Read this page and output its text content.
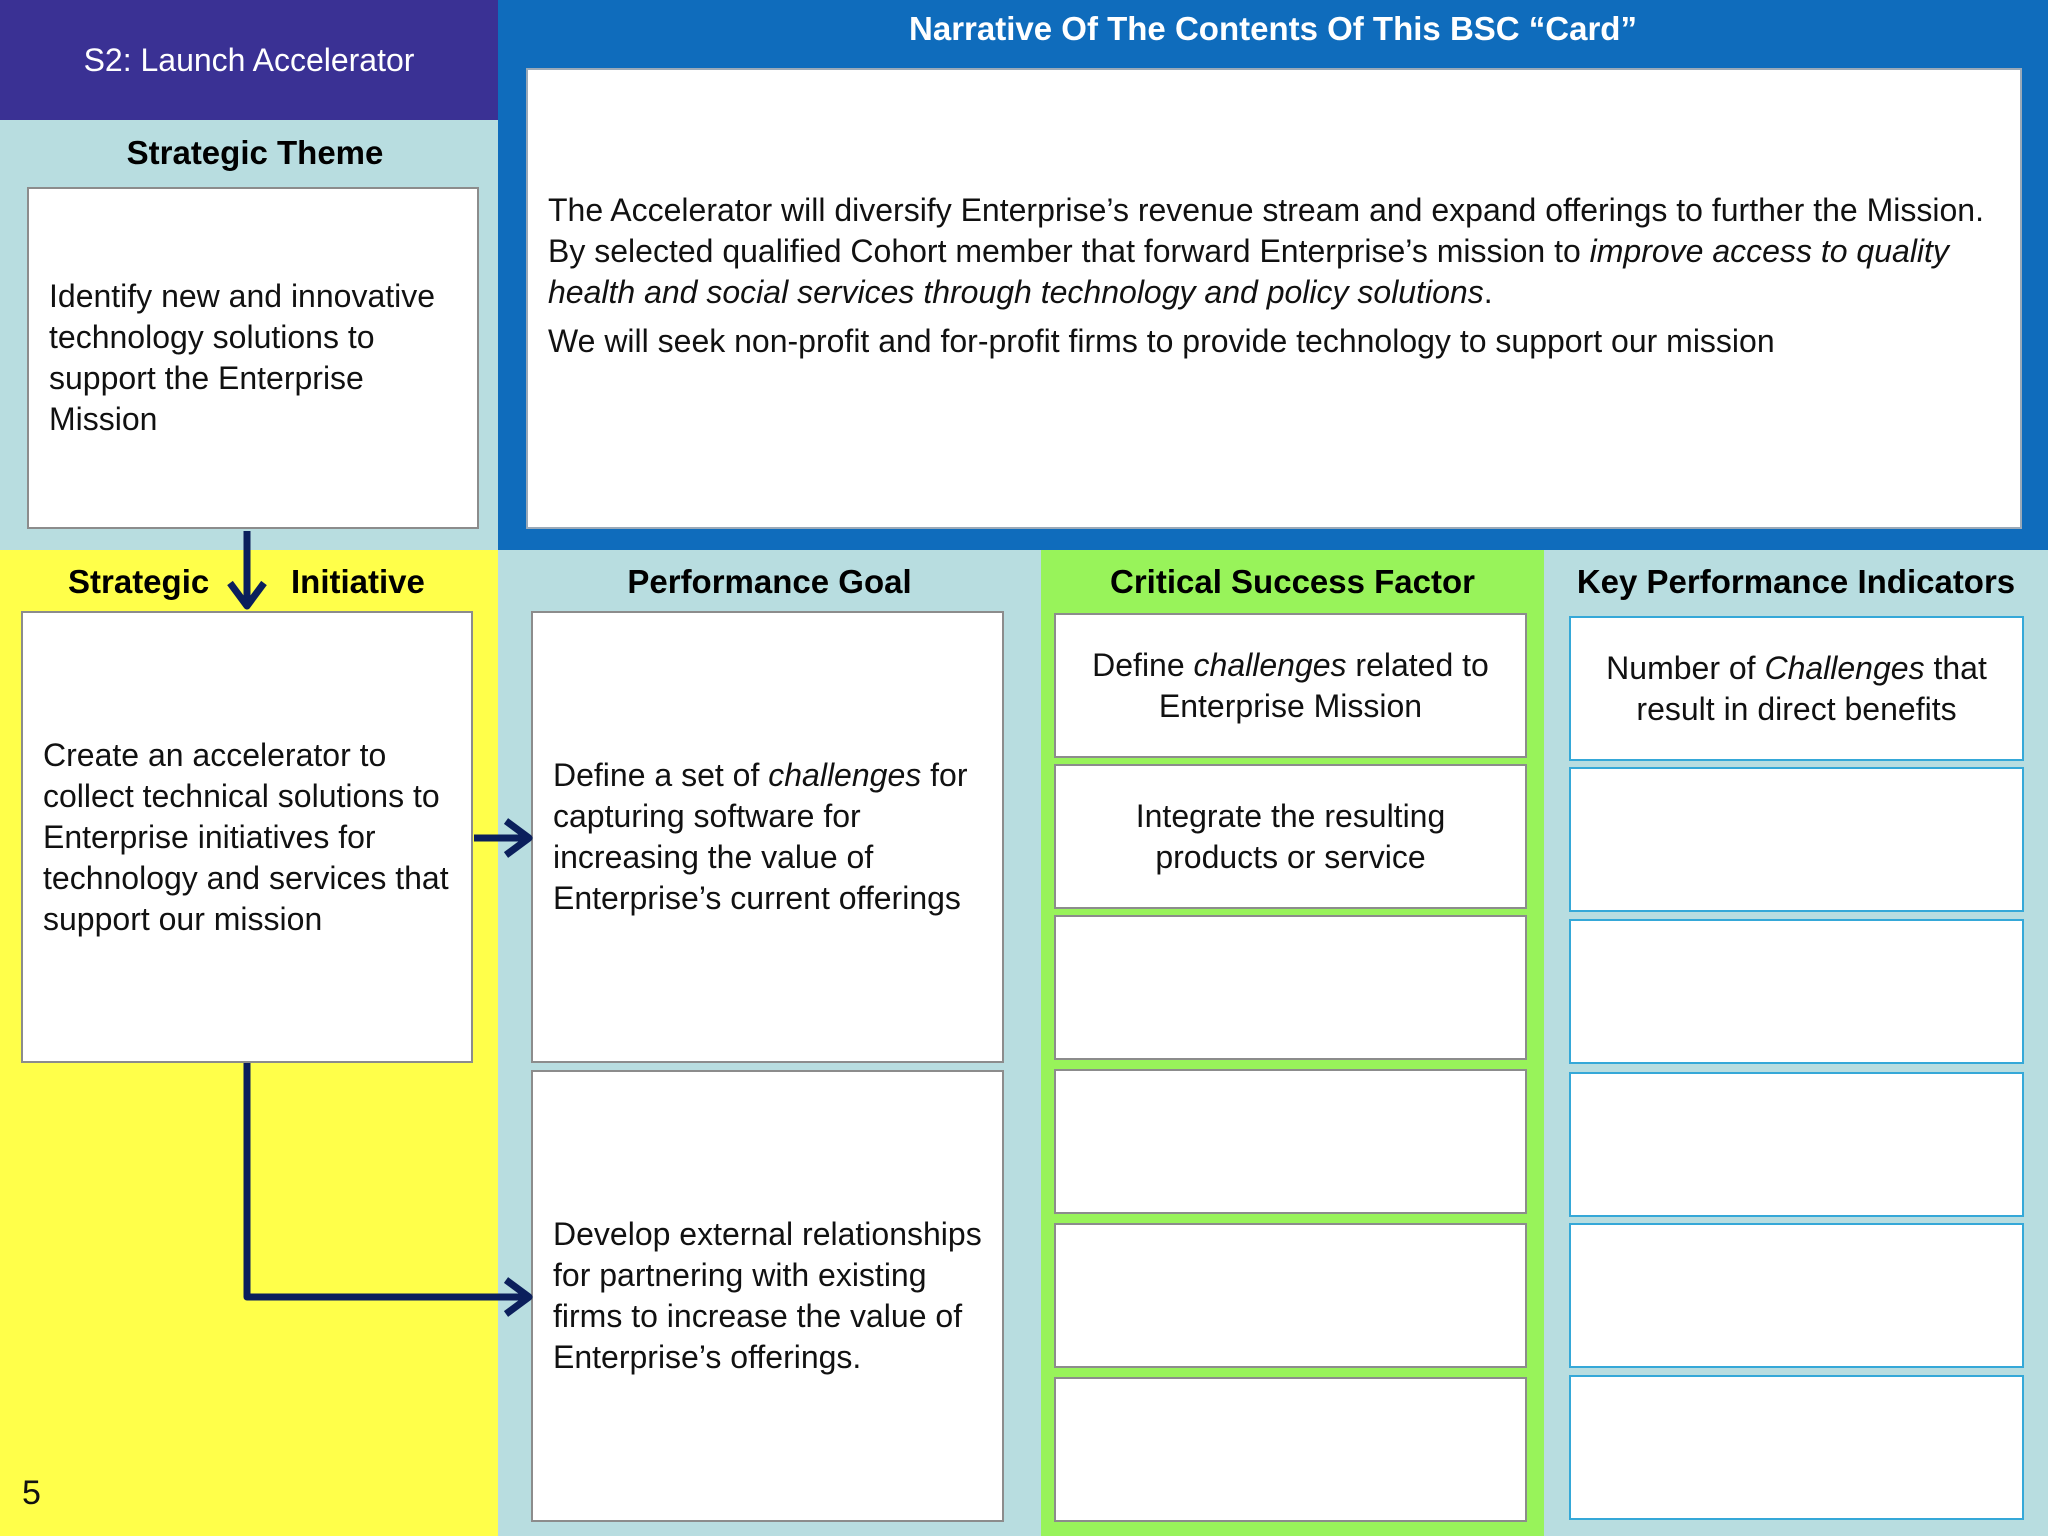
S2: Launch Accelerator
Narrative Of The Contents Of This BSC “Card”

The Accelerator will diversify Enterprise’s revenue stream and expand offerings to further the Mission. By selected qualified Cohort member that forward Enterprise’s mission to improve access to quality health and social services through technology and policy solutions.

We will seek non-profit and for-profit firms to provide technology to support our mission

Strategic Theme
Identify new and innovative technology solutions to support the Enterprise Mission
Strategic Initiative
Create an accelerator to collect technical solutions to Enterprise initiatives for technology and services that support our mission
Performance Goal
Define a set of challenges for capturing software for increasing the value of Enterprise’s current offerings
Develop external relationships for partnering with existing firms to increase the value of Enterprise’s offerings.
Critical Success Factor
Define challenges related to Enterprise Mission
Integrate the resulting products or service
Key Performance Indicators
Number of Challenges that result in direct benefits
5
